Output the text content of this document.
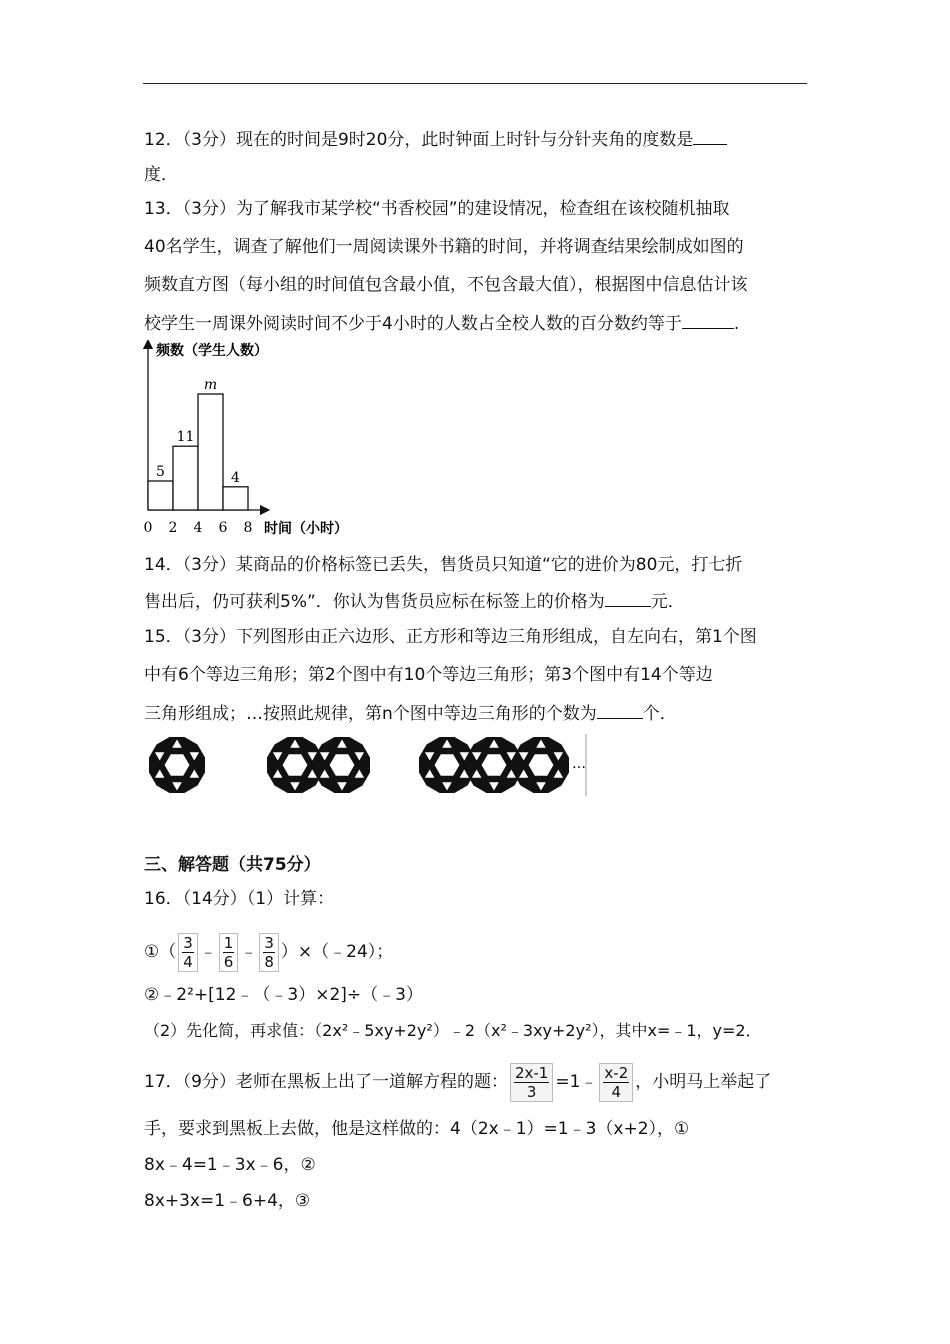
12．（3分）现在的时间是9时20分，此时钟面上时针与分针夹角的度数是
度．
13．（3分）为了解我市某学校“书香校园”的建设情况，检查组在该校随机抽取
40名学生，调查了解他们一周阅读课外书籍的时间，并将调查结果绘制成如图的
频数直方图（每小组的时间值包含最小值，不包含最大值），根据图中信息估计该
校学生一周课外阅读时间不少于4小时的人数占全校人数的百分数约等于	.
频数（学生人数）
时间（小时）
5
11
m
4
0 2 4 6 8
14．（3分）某商品的价格标签已丢失，售货员只知道“它的进价为80元，打七折
售出后，仍可获利5%”．你认为售货员应标在标签上的价格为	元．
15．（3分）下列图形由正六边形、正方形和等边三角形组成，自左向右，第1个图
中有6个等边三角形；第2个图中有10个等边三角形；第3个图中有14个等边
三角形组成；…按照此规律，第n个图中等边三角形的个数为	个．
…
三、解答题（共75分）
16．（14分）（1）计算：
①（ $\frac{3}{4}$ ﹣ $\frac{1}{6}$ ﹣ $\frac{3}{8}$ ）×（﹣24）；
②﹣2²+[12﹣（﹣3）×2]÷（﹣3）
（2）先化简，再求值：（2x²﹣5xy+2y²）﹣2（x²﹣3xy+2y²），其中x=﹣1，y=2．
17．（9分）老师在黑板上出了一道解方程的题： $\frac{2x-1}{3}$ =1﹣ $\frac{x-2}{4}$ ，小明马上举起了
手，要求到黑板上去做，他是这样做的：4（2x﹣1）=1﹣3（x+2），①
8x﹣4=1﹣3x﹣6，②
8x+3x=1﹣6+4，③
